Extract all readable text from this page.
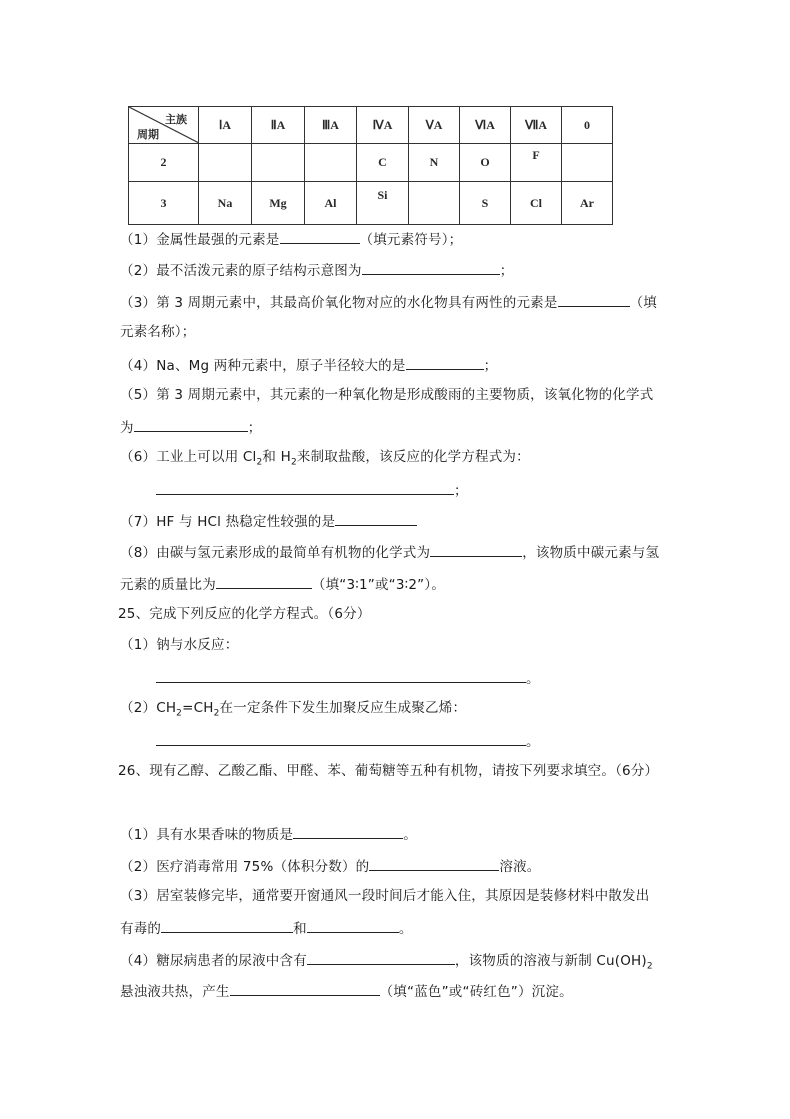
主族
周期	ⅠA	ⅡA	ⅢA	ⅣA	ⅤA	ⅥA	ⅦA	0
2				C	N	O	F	
3	Na	Mg	Al	Si		S	Cl	Ar
（1）金属性最强的元素是	（填元素符号）；
（2）最不活泼元素的原子结构示意图为	；
（3）第 3 周期元素中，其最高价氧化物对应的水化物具有两性的元素是	（填
元素名称）；
（4）Na、Mg 两种元素中，原子半径较大的是	；
（5）第 3 周期元素中，其元素的一种氧化物是形成酸雨的主要物质，该氧化物的化学式
为	；
（6）工业上可以用 $Cl_2$和 $H_2$来制取盐酸，该反应的化学方程式为：
；
（7）HF 与 HCl 热稳定性较强的是
（8）由碳与氢元素形成的最简单有机物的化学式为	，该物质中碳元素与氢
元素的质量比为	（填“3∶1”或“3∶2”）。
25、完成下列反应的化学方程式。（6分）
（1）钠与水反应：
。
$(2)CH_2=CH_2$在一定条件下发生加聚反应生成聚乙烯：
。
26、现有乙醇、乙酸乙酯、甲醛、苯、葡萄糖等五种有机物，请按下列要求填空。（6分）
（1）具有水果香味的物质是	。
（2）医疗消毒常用 75%（体积分数）的	溶液。
（3）居室装修完毕，通常要开窗通风一段时间后才能入住，其原因是装修材料中散发出
有毒的	和	。
（4）糖尿病患者的尿液中含有	，该物质的溶液与新制 $Cu(OH)_2$
悬浊液共热，产生	（填“蓝色”或“砖红色”）沉淀。
